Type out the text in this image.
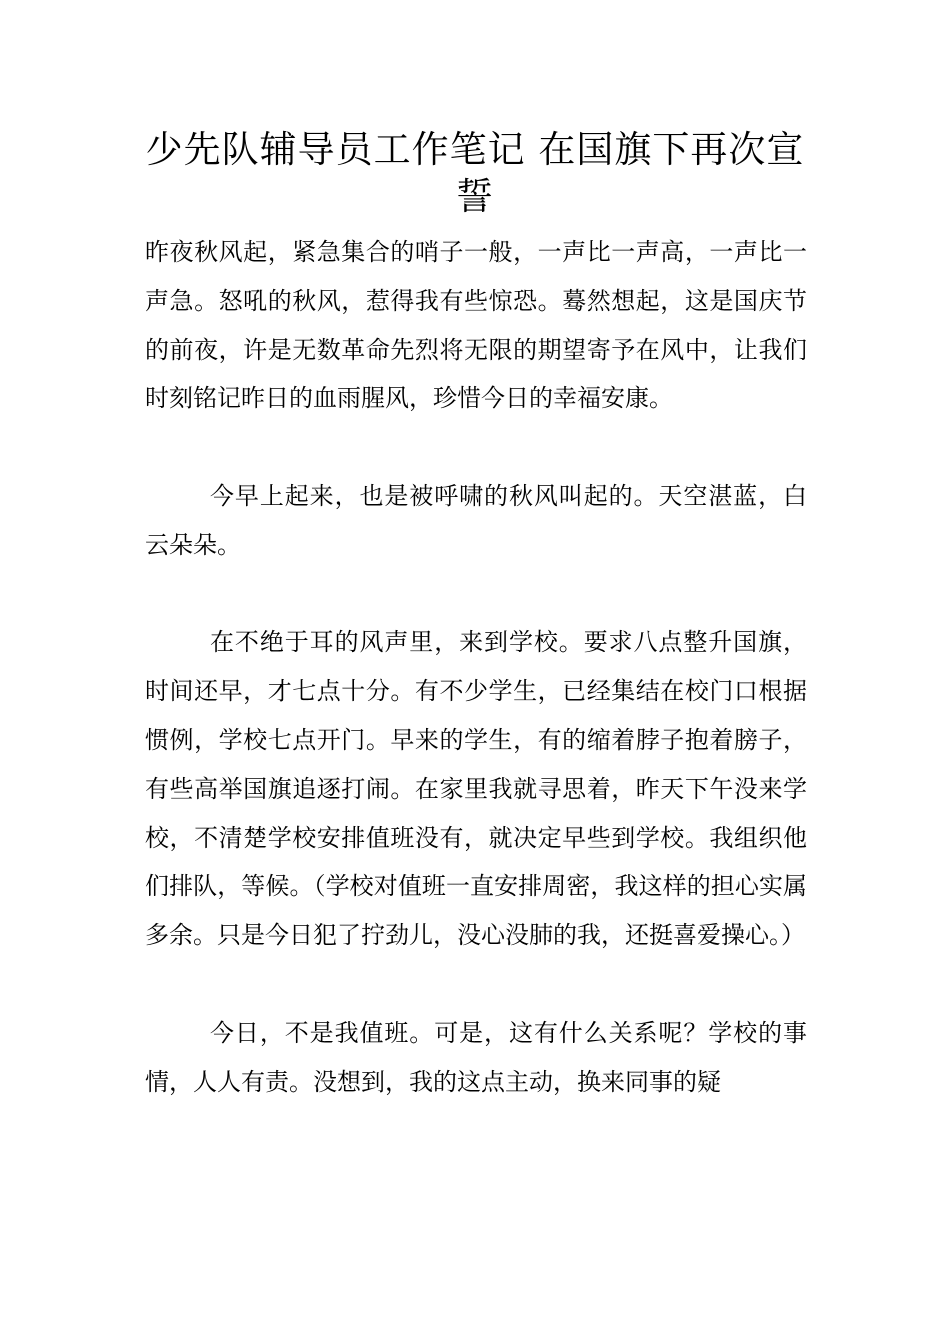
少先队辅导员工作笔记 在国旗下再次宣誓

昨夜秋风起，紧急集合的哨子一般，一声比一声高，一声比一声急。怒吼的秋风，惹得我有些惊恐。蓦然想起，这是国庆节的前夜，许是无数革命先烈将无限的期望寄予在风中，让我们时刻铭记昨日的血雨腥风，珍惜今日的幸福安康。

今早上起来，也是被呼啸的秋风叫起的。天空湛蓝，白云朵朵。

在不绝于耳的风声里，来到学校。要求八点整升国旗，时间还早，才七点十分。有不少学生，已经集结在校门口根据惯例，学校七点开门。早来的学生，有的缩着脖子抱着膀子，有些高举国旗追逐打闹。在家里我就寻思着，昨天下午没来学校，不清楚学校安排值班没有，就决定早些到学校。我组织他们排队，等候。（学校对值班一直安排周密，我这样的担心实属多余。只是今日犯了拧劲儿，没心没肺的我，还挺喜爱操心。）

今日，不是我值班。可是，这有什么关系呢？学校的事情，人人有责。没想到，我的这点主动，换来同事的疑
